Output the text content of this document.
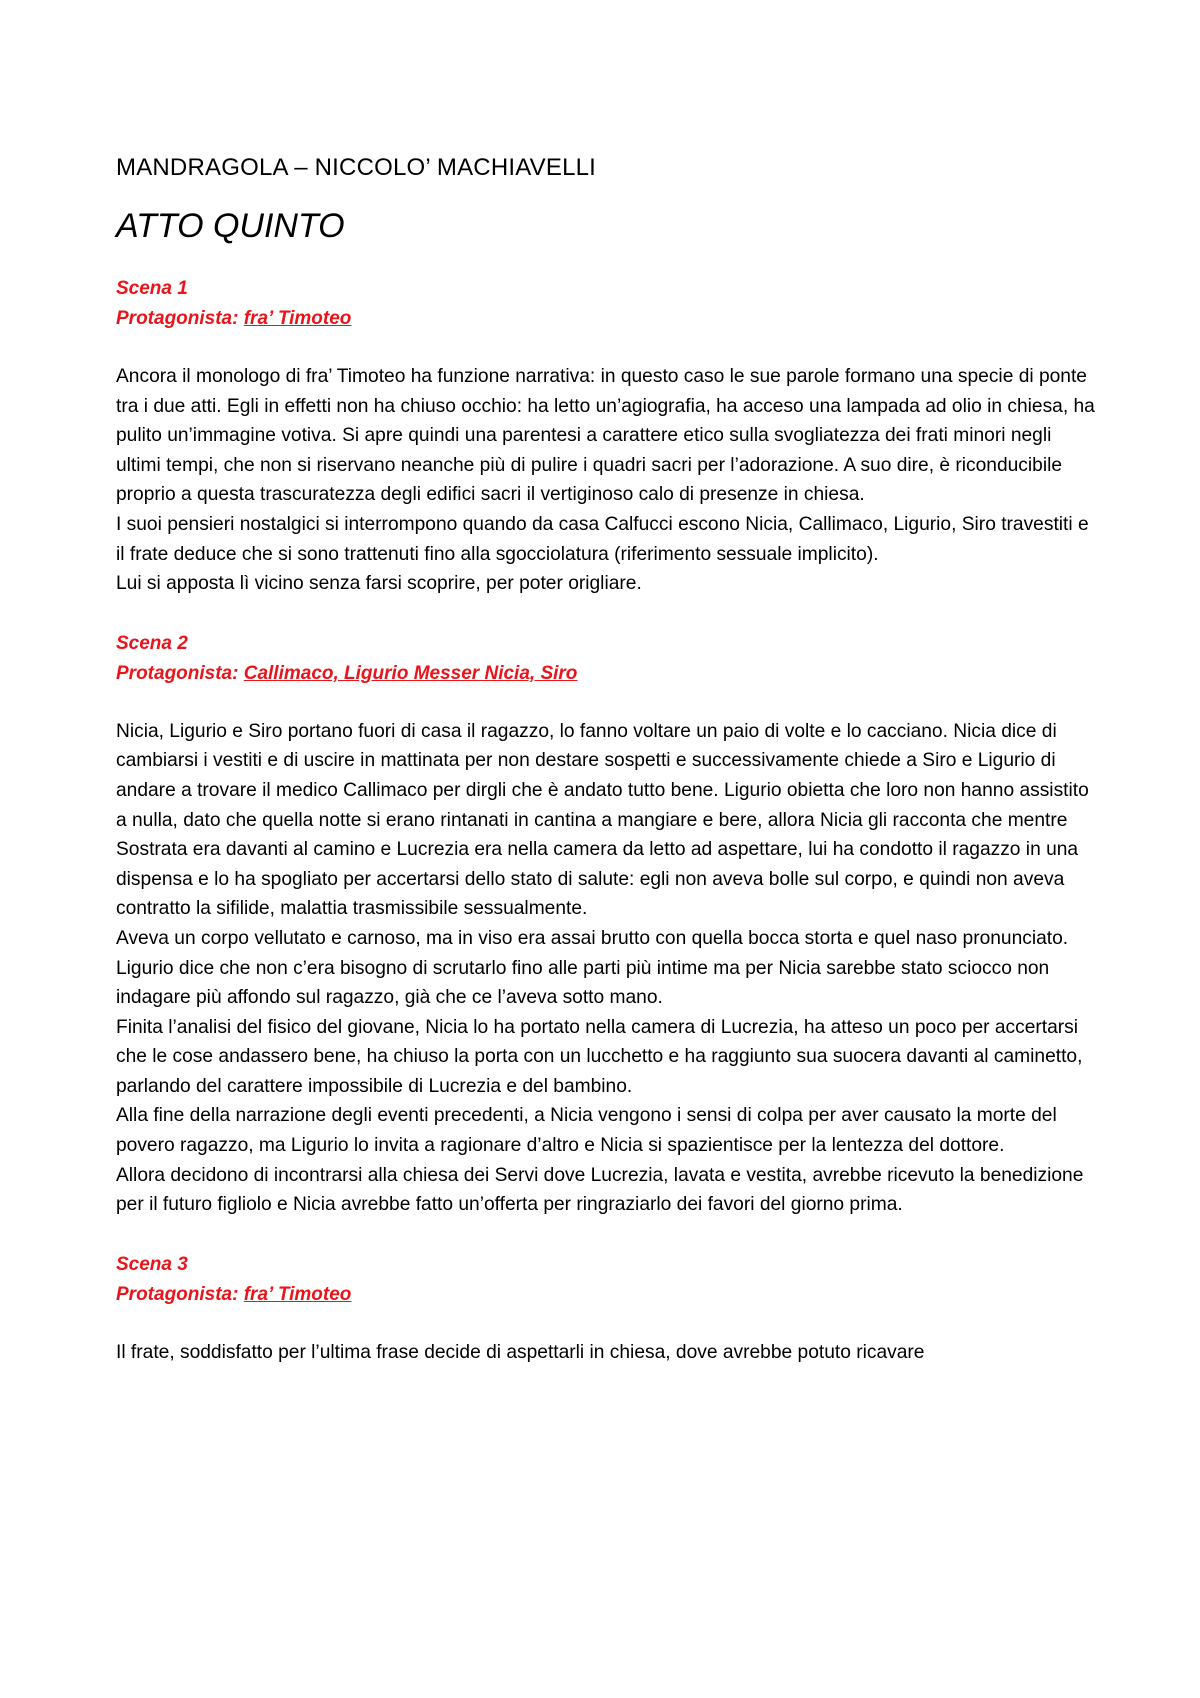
MANDRAGOLA – NICCOLO’ MACHIAVELLI
ATTO QUINTO

Scena 1

Protagonista: fra’ Timoteo

Ancora il monologo di fra’ Timoteo ha funzione narrativa: in questo caso le sue parole formano una specie di ponte tra i due atti. Egli in effetti non ha chiuso occhio: ha letto un’agiografia, ha acceso una lampada ad olio in chiesa, ha pulito un’immagine votiva. Si apre quindi una parentesi a carattere etico sulla svogliatezza dei frati minori negli ultimi tempi, che non si riservano neanche più di pulire i quadri sacri per l’adorazione. A suo dire, è riconducibile proprio a questa trascuratezza degli edifici sacri il vertiginoso calo di presenze in chiesa.

I suoi pensieri nostalgici si interrompono quando da casa Calfucci escono Nicia, Callimaco, Ligurio, Siro travestiti e il frate deduce che si sono trattenuti fino alla sgocciolatura (riferimento sessuale implicito).

Lui si apposta lì vicino senza farsi scoprire, per poter origliare.

Scena 2

Protagonista: Callimaco, Ligurio Messer Nicia, Siro

Nicia, Ligurio e Siro portano fuori di casa il ragazzo, lo fanno voltare un paio di volte e lo cacciano. Nicia dice di cambiarsi i vestiti e di uscire in mattinata per non destare sospetti e successivamente chiede a Siro e Ligurio di andare a trovare il medico Callimaco per dirgli che è andato tutto bene. Ligurio obietta che loro non hanno assistito a nulla, dato che quella notte si erano rintanati in cantina a mangiare e bere, allora Nicia gli racconta che mentre Sostrata era davanti al camino e Lucrezia era nella camera da letto ad aspettare, lui ha condotto il ragazzo in una dispensa e lo ha spogliato per accertarsi dello stato di salute: egli non aveva bolle sul corpo, e quindi non aveva contratto la sifilide, malattia trasmissibile sessualmente.

Aveva un corpo vellutato e carnoso, ma in viso era assai brutto con quella bocca storta e quel naso pronunciato.

Ligurio dice che non c’era bisogno di scrutarlo fino alle parti più intime ma per Nicia sarebbe stato sciocco non indagare più affondo sul ragazzo, già che ce l’aveva sotto mano.

Finita l’analisi del fisico del giovane, Nicia lo ha portato nella camera di Lucrezia, ha atteso un poco per accertarsi che le cose andassero bene, ha chiuso la porta con un lucchetto e ha raggiunto sua suocera davanti al caminetto, parlando del carattere impossibile di Lucrezia e del bambino.

Alla fine della narrazione degli eventi precedenti, a Nicia vengono i sensi di colpa per aver causato la morte del povero ragazzo, ma Ligurio lo invita a ragionare d’altro e Nicia si spazientisce per la lentezza del dottore.

Allora decidono di incontrarsi alla chiesa dei Servi dove Lucrezia, lavata e vestita, avrebbe ricevuto la benedizione per il futuro figliolo e Nicia avrebbe fatto un’offerta per ringraziarlo dei favori del giorno prima.

Scena 3

Protagonista: fra’ Timoteo

Il frate, soddisfatto per l’ultima frase decide di aspettarli in chiesa, dove avrebbe potuto ricavare
